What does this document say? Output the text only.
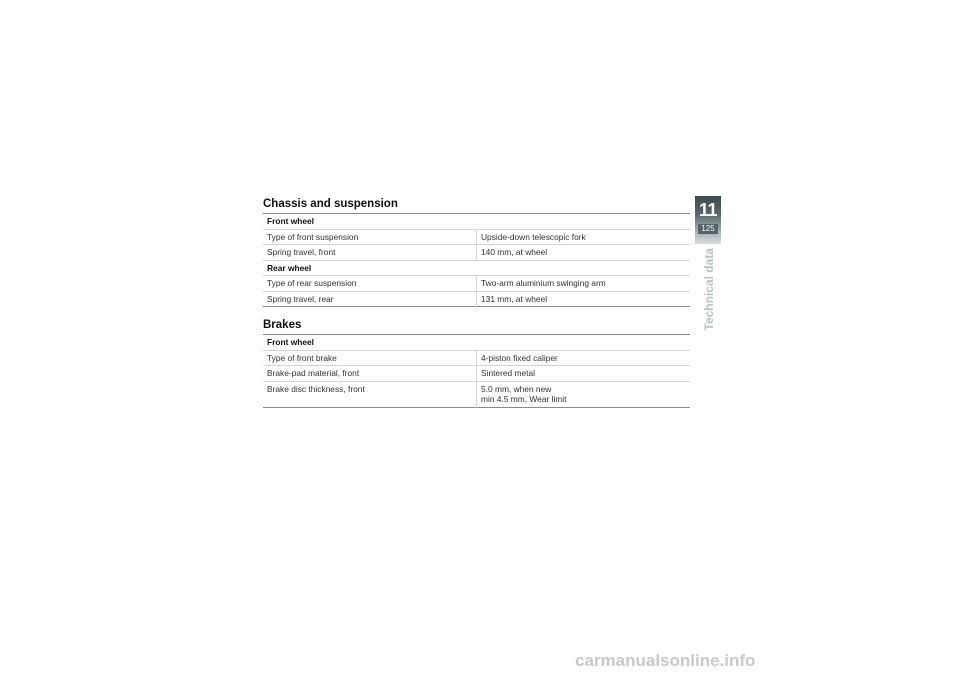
Chassis and suspension
Front wheel	
Type of front suspension	Upside-down telescopic fork
Spring travel, front	140 mm, at wheel
Rear wheel	
Type of rear suspension	Two-arm aluminium swinging arm
Spring travel, rear	131 mm, at wheel
Brakes
Front wheel	
Type of front brake	4-piston fixed caliper
Brake-pad material, front	Sintered metal
Brake disc thickness, front	5.0 mm, when new
min 4.5 mm, Wear limit
11
125
Technical data
carmanualsonline.info
